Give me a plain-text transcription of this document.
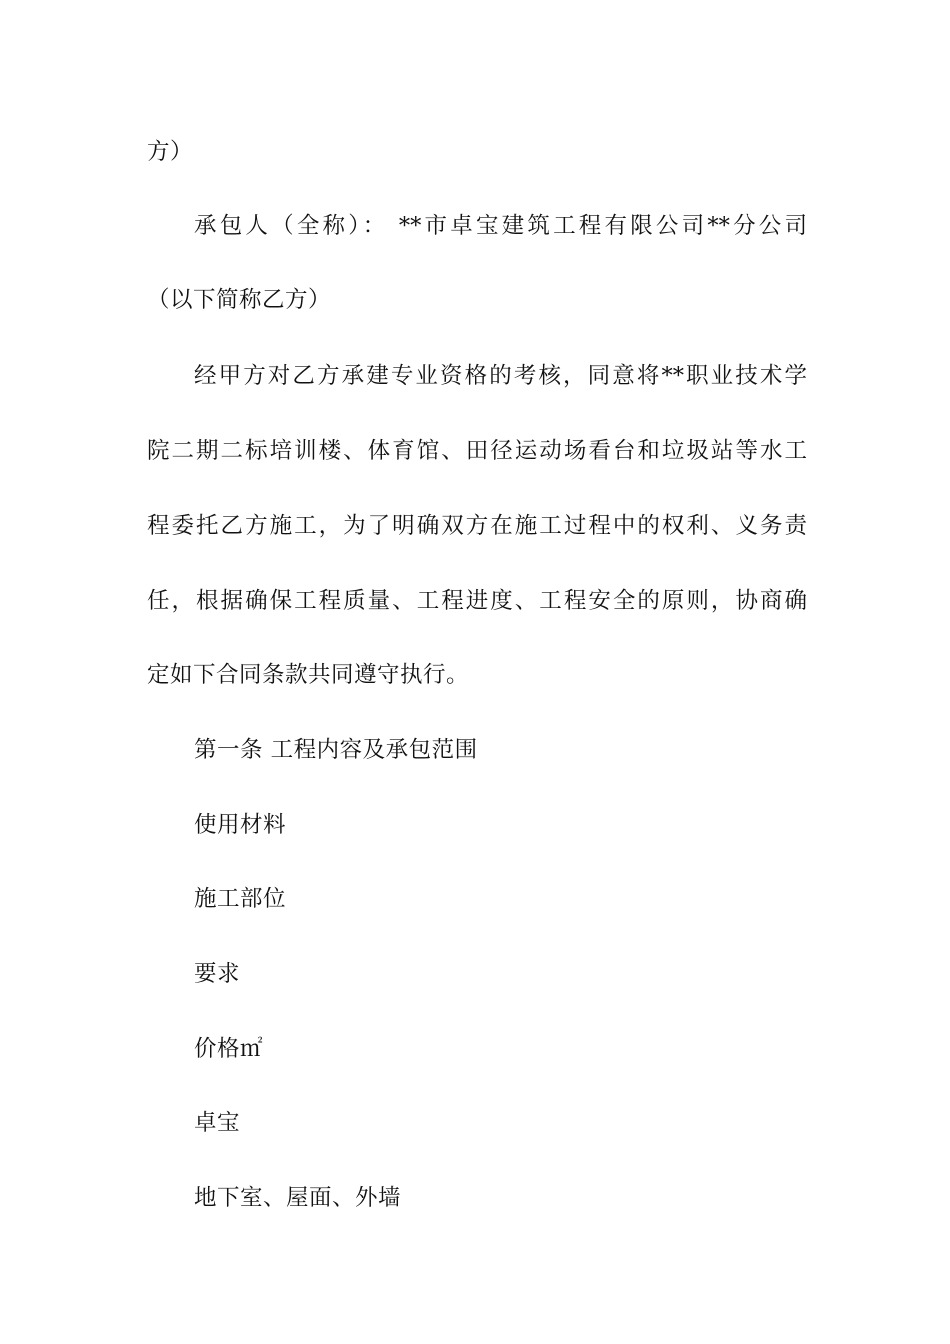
方）
承包人（全称）： **市卓宝建筑工程有限公司**分公司
（以下简称乙方）
经甲方对乙方承建专业资格的考核，同意将**职业技术学
院二期二标培训楼、体育馆、田径运动场看台和垃圾站等水工
程委托乙方施工，为了明确双方在施工过程中的权利、义务责
任，根据确保工程质量、工程进度、工程安全的原则，协商确
定如下合同条款共同遵守执行。
第一条 工程内容及承包范围
使用材料
施工部位
要求
价格㎡
卓宝
地下室、屋面、外墙
